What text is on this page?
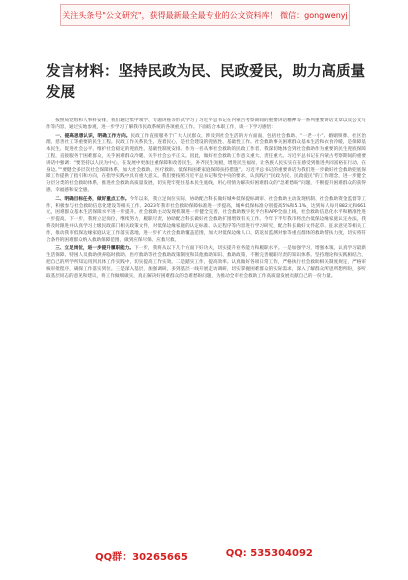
关注头条号"公文研究"，获得最新最全最专业的公文资料库！ 微信：gongwenyj
发言材料：坚持民政为民、民政爱民，助力高质量发展

按照局党组和人事科安排，我们通过集中领学、专题讲座等形式学习了习近平总书记在内蒙古考察期间的重要讲话精神等一系列重要讲话文章以及公文写作等内容，通过实地参观，进一步学习了解我市民政系统的各项重点工作。下面结合本职工作，谈一下学习感悟：

一、提高思想认识，明确工作方向。民政工作直接服务于广大人民群众，涉及到社会生活的方方面面，包括社会救助、“一老一小”、婚姻殡葬、社区治理、慈善社工等重要的民生工程。民政工作关系民生、连着民心，是社会建设的兜底性、基础性工作。社会救助事关困难群众基本生活和衣食冷暖，是保障基本民生、促进社会公平、维护社会稳定的兜底性、基础性制度安排。作为一名从事社会救助的民政工作者，我深切地体会到社会救助作为重要的民生兜底保障工程，直接服务于困难群众，关乎困难群众冷暖，关乎社会公平正义。因此，做好社会救助工作意义重大、责任重大。习近平总书记在内蒙古考察期间的重要讲话中强调：“要坚持以人民为中心，在发展中更加注重保障和改善民生，补齐民生短板，增进民生福祉，让各族人民实实在在感受到推进共同富裕在行动、在身边。”“要健全多层次社会保障体系，加大社会救助、医疗救助、低保和困难家庭保障扶持措施”。习近平总书记的重要讲话为我们进一步做好社会救助兜底保障工作提供了指引和方向，在指导实践中具有重大意义。我们要按照习近平总书记和党中央的要求，认真践行“民政为民、民政爱民”的工作理念，进一步健全分层分类的社会救助体系，推进社会救助高质量发展，切实兜牢兜住基本民生底线，用心用情为解决好困难群众的“急难愁盼”问题，不断提升困难群众的获得感、幸福感和安全感。

二、明确目标任务，做好重点工作。今年以来，我立足岗位实际，协助配合科长做好城乡低保提标调审、社会救助主动发现机制、社会救助资金监督等工作，积极参与社会救助信息化建设等相关工作。2023年我市社会救助保障标准进一步提高，城乡低保标准分别提高5%和5.1%，达到每人每月882元和661元，困难群众基本生活保障水平进一步提升。社会救助主动发现机制进一步健全完善，社会救助数字化平台和APP全面上线，社会救助信息化水平和精准性进一步提高。下一步，我将立足岗位，继续努力，履职尽责，协助配合科长做好社会救助扩围增效有关工作。今年下半年我市将出台低保边缘家庭认定办法，我将及时跟进并认真学习上级民政部门相关政策文件，对低保边缘家庭的认定标准、认定程序等内容进行学习研究，配合科长做好文件起草、征求意见等相关工作，推动我市低保边缘家庭认定工作落实落地，进一步扩大社会救助覆盖范围，加大对低保边缘人口、防返贫监测对象等重点群体的救助帮扶力度，切实将符合条件的困难群众纳入救助保障范围，做到应保尽保、应救尽救。

三、立足岗位，进一步提升履职能力。下一步，我将从以下几个方面下好功夫，切实提升业务能力和履职水平。一是加强学习，增强本领。认真学习最新生活保障、特困人员救助供养临时救助、医疗救助等社会救助政策制度和其他救助知识、救助政策，不断完善履职尽责的知识体系。坚持理论和实践相结合，把自己的所学所知运用到具体工作实践中，切实提高工作实效。二是踏实工作，提高效率。认真做好各项日常工作，严格执行社会救助相关制度规定，严格审核审批程序，确保工作落实到位。三是深入基层，加强调研。多到基层一线开展走访调研，切实掌握困难群众的实际需求，深入了解群众所思所想所盼，多听取基层同志的意见和建议，将工作做细做实，真正解决好困难群众的急难愁盼问题，为推动全市社会救助工作高质量发展贡献自己的一份力量。

QQ群：30265665	QQ: 535304092
